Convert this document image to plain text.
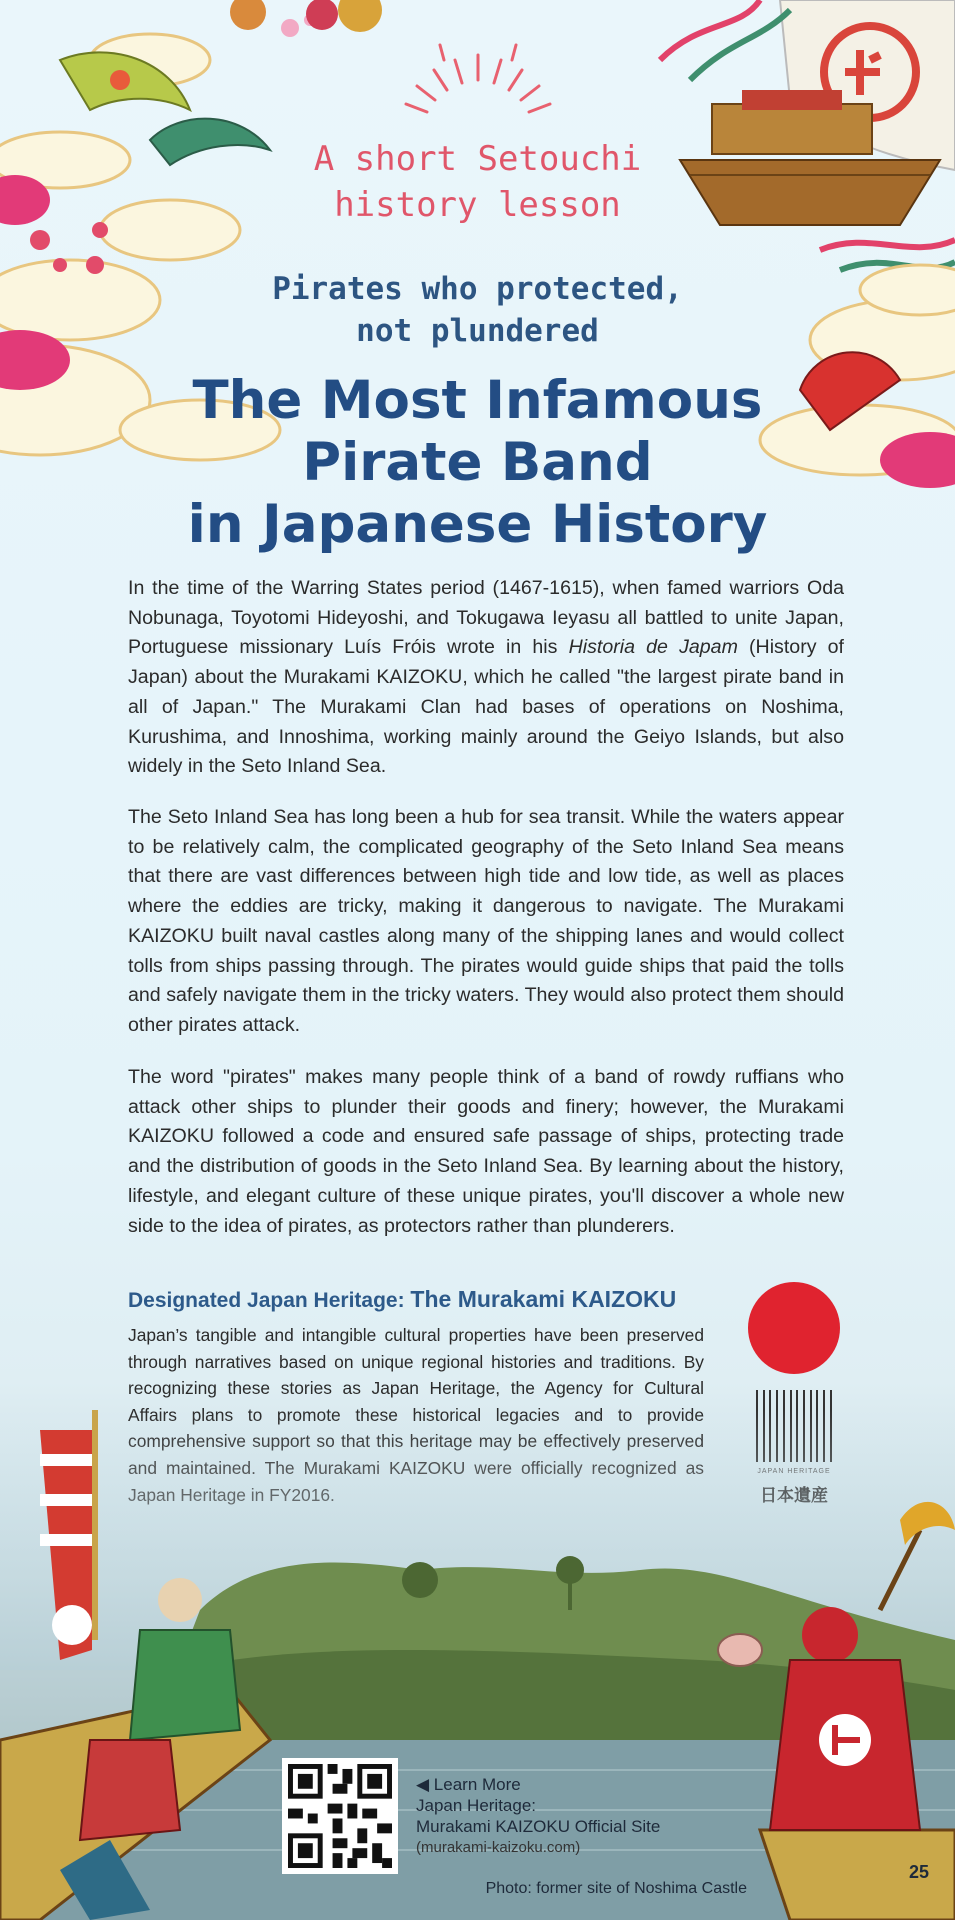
A short Setouchi
history lesson
Pirates who protected,
not plundered
The Most Infamous
Pirate Band
in Japanese History

In the time of the Warring States period (1467-1615), when famed warriors Oda Nobunaga, Toyotomi Hideyoshi, and Tokugawa Ieyasu all battled to unite Japan, Portuguese missionary Luís Fróis wrote in his Historia de Japam (History of Japan) about the Murakami KAIZOKU, which he called "the largest pirate band in all of Japan." The Murakami Clan had bases of operations on Noshima, Kurushima, and Innoshima, working mainly around the Geiyo Islands, but also widely in the Seto Inland Sea.

The Seto Inland Sea has long been a hub for sea transit. While the waters appear to be relatively calm, the complicated geography of the Seto Inland Sea means that there are vast differences between high tide and low tide, as well as places where the eddies are tricky, making it dangerous to navigate. The Murakami KAIZOKU built naval castles along many of the shipping lanes and would collect tolls from ships passing through. The pirates would guide ships that paid the tolls and safely navigate them in the tricky waters. They would also protect them should other pirates attack.

The word "pirates" makes many people think of a band of rowdy ruffians who attack other ships to plunder their goods and finery; however, the Murakami KAIZOKU followed a code and ensured safe passage of ships, protecting trade and the distribution of goods in the Seto Inland Sea. By learning about the history, lifestyle, and elegant culture of these unique pirates, you'll discover a whole new side to the idea of pirates, as protectors rather than plunderers.

Designated Japan Heritage: The Murakami KAIZOKU

Japan’s tangible and intangible cultural properties have been preserved through narratives based on unique regional histories and traditions. By recognizing these stories as Japan Heritage, the Agency for Cultural

◀ Learn More
Japan Heritage:
Murakami KAIZOKU Official Site
(murakami-kaizoku.com)
Photo: former site of Noshima Castle
25
